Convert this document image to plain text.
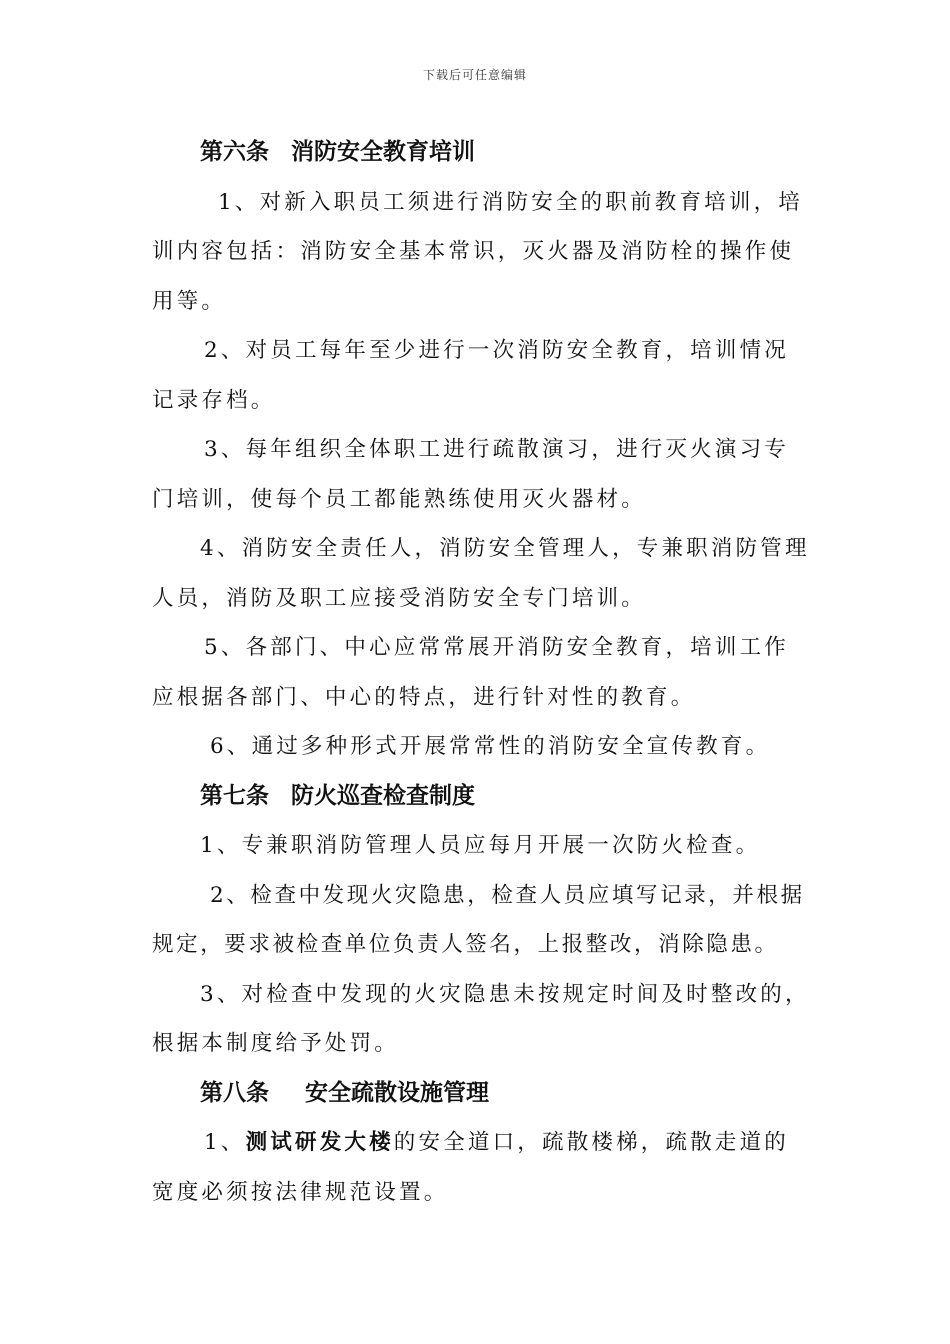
下载后可任意编辑

第六条 消防安全教育培训

1、对新入职员工须进行消防安全的职前教育培训，培训内容包括：消防安全基本常识，灭火器及消防栓的操作使用等。

2、对员工每年至少进行一次消防安全教育，培训情况记录存档。

3、每年组织全体职工进行疏散演习，进行灭火演习专门培训，使每个员工都能熟练使用灭火器材。

4、消防安全责任人，消防安全管理人，专兼职消防管理人员，消防及职工应接受消防安全专门培训。

5、各部门、中心应常常展开消防安全教育，培训工作应根据各部门、中心的特点，进行针对性的教育。

6、通过多种形式开展常常性的消防安全宣传教育。

第七条 防火巡查检查制度

1、专兼职消防管理人员应每月开展一次防火检查。

2、检查中发现火灾隐患，检查人员应填写记录，并根据规定，要求被检查单位负责人签名，上报整改，消除隐患。

3、对检查中发现的火灾隐患未按规定时间及时整改的，根据本制度给予处罚。

第八条 安全疏散设施管理

1、测试研发大楼的安全道口，疏散楼梯，疏散走道的宽度必须按法律规范设置。
